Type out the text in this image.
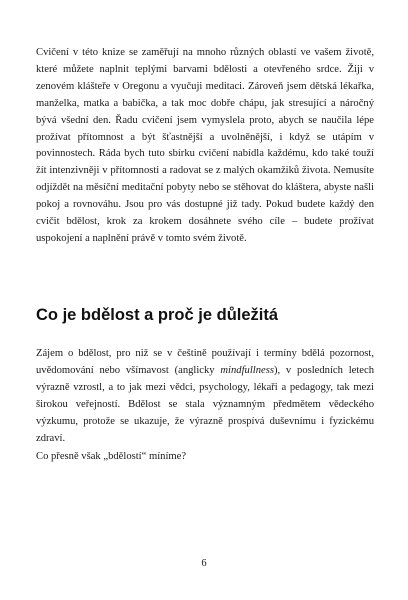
Cvičení v této knize se zaměřují na mnoho různých oblastí ve vašem životě, které můžete naplnit teplými barvami bdělosti a otevřeného srdce. Žiji v zenovém klášteře v Oregonu a vyučuji meditaci. Zároveň jsem dětská lékařka, manželka, matka a babička, a tak moc dobře chápu, jak stresující a náročný bývá všední den. Řadu cvičení jsem vymyslela proto, abych se naučila lépe prožívat přítomnost a být šťastnější a uvolněnější, i když se utápím v povinnostech. Ráda bych tuto sbírku cvičení nabídla každému, kdo také touží žít intenzivněji v přítomnosti a radovat se z malých okamžiků života. Nemusíte odjíždět na měsíční meditační pobyty nebo se stěhovat do kláštera, abyste našli pokoj a rovnováhu. Jsou pro vás dostupné již tady. Pokud budete každý den cvičit bdělost, krok za krokem dosáhnete svého cíle – budete prožívat uspokojení a naplnění právě v tomto svém životě.

Co je bdělost a proč je důležitá

Zájem o bdělost, pro niž se v češtině používají i termíny bdělá pozornost, uvědomování nebo všímavost (anglicky mindfullness), v posledních letech výrazně vzrostl, a to jak mezi vědci, psychology, lékaři a pedagogy, tak mezi širokou veřejností. Bdělost se stala významným předmětem vědeckého výzkumu, protože se ukazuje, že výrazně prospívá duševnímu i fyzickému zdraví.

Co přesně však „bdělostí“ míníme?

6
